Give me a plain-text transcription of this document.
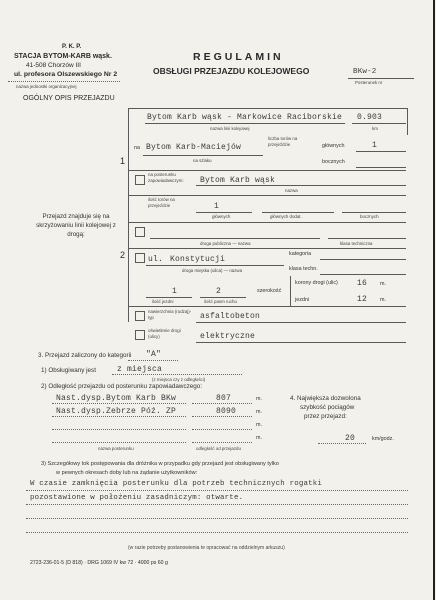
P. K. P.
STACJA BYTOM-KARB wąsk.
41-508 Chorzów III
ul. profesora Olszewskiego Nr 2
nazwa jednostki organizacyjnej
REGULAMIN
OBSŁUGI PRZEJAZDU KOLEJOWEGO	BKw-2
Posterunek nr
OGÓLNY OPIS PRZEJAZDU
Bytom Karb wąsk - Markowice Raciborskie 0.903
nazwa linii kolejowej	km
na Bytom Karb-Maciejów
na szlaku
liczba torów na przejeździe	głównych	1
bocznych
1
na posterunku zapowiadawczym:	Bytom Karb wąsk
nazwa
ilość torów na przejeździe	1
głównych	głównych dodat.	bocznych
Przejazd znajduje się na skrzyżowaniu linii kolejowej z drogą:
droga publiczna — nazwa	klasa techniczna
2	ul. Konstytucji
droga miejska (ulica) — nazwa
kategoria
klasa techn.
1	2
ilość jezdni	ilość pasm ruchu
szerokość
korony drogi (ulic) 16 m.
jezdni	12 m.
nawierzchnia (rodzaj)-typ	asfaltobeton
oświetlenie drogi (ulicy)	elektryczne
3. Przejazd zaliczony do kategorii "A"
1) Obsługiwany jest	z miejsca
(z miejsca czy z odległości)
2) Odległość przejazdu od posterunku zapowiadawczego:
Nast.dysp.Bytom Karb BKw	807	m.
Nast.dysp.Zebrze Póź. ZP	8090	m.
m.
m.
nazwa posterunku	odległość od przejazdu
4. Największa dozwolona
szybkość pociągów
przez przejazd:
20	km/godz.
3) Szczegółowy tok postępowania dla dróżnika w przypadku gdy przejazd jest obsługiwany tylko
w pewnych okresach doby lub na żądanie użytkowników:
W czasie zamknięcia posterunku dla potrzeb technicznych rogatki
pozostawione w położeniu zasadniczym: otwarte.
(w razie potrzeby postanowienia te opracować na oddzielnym arkuszu)
2723-236-01-5 (D 818) · DRG 1069 IV kw 72 · 4000 ps 60 g
